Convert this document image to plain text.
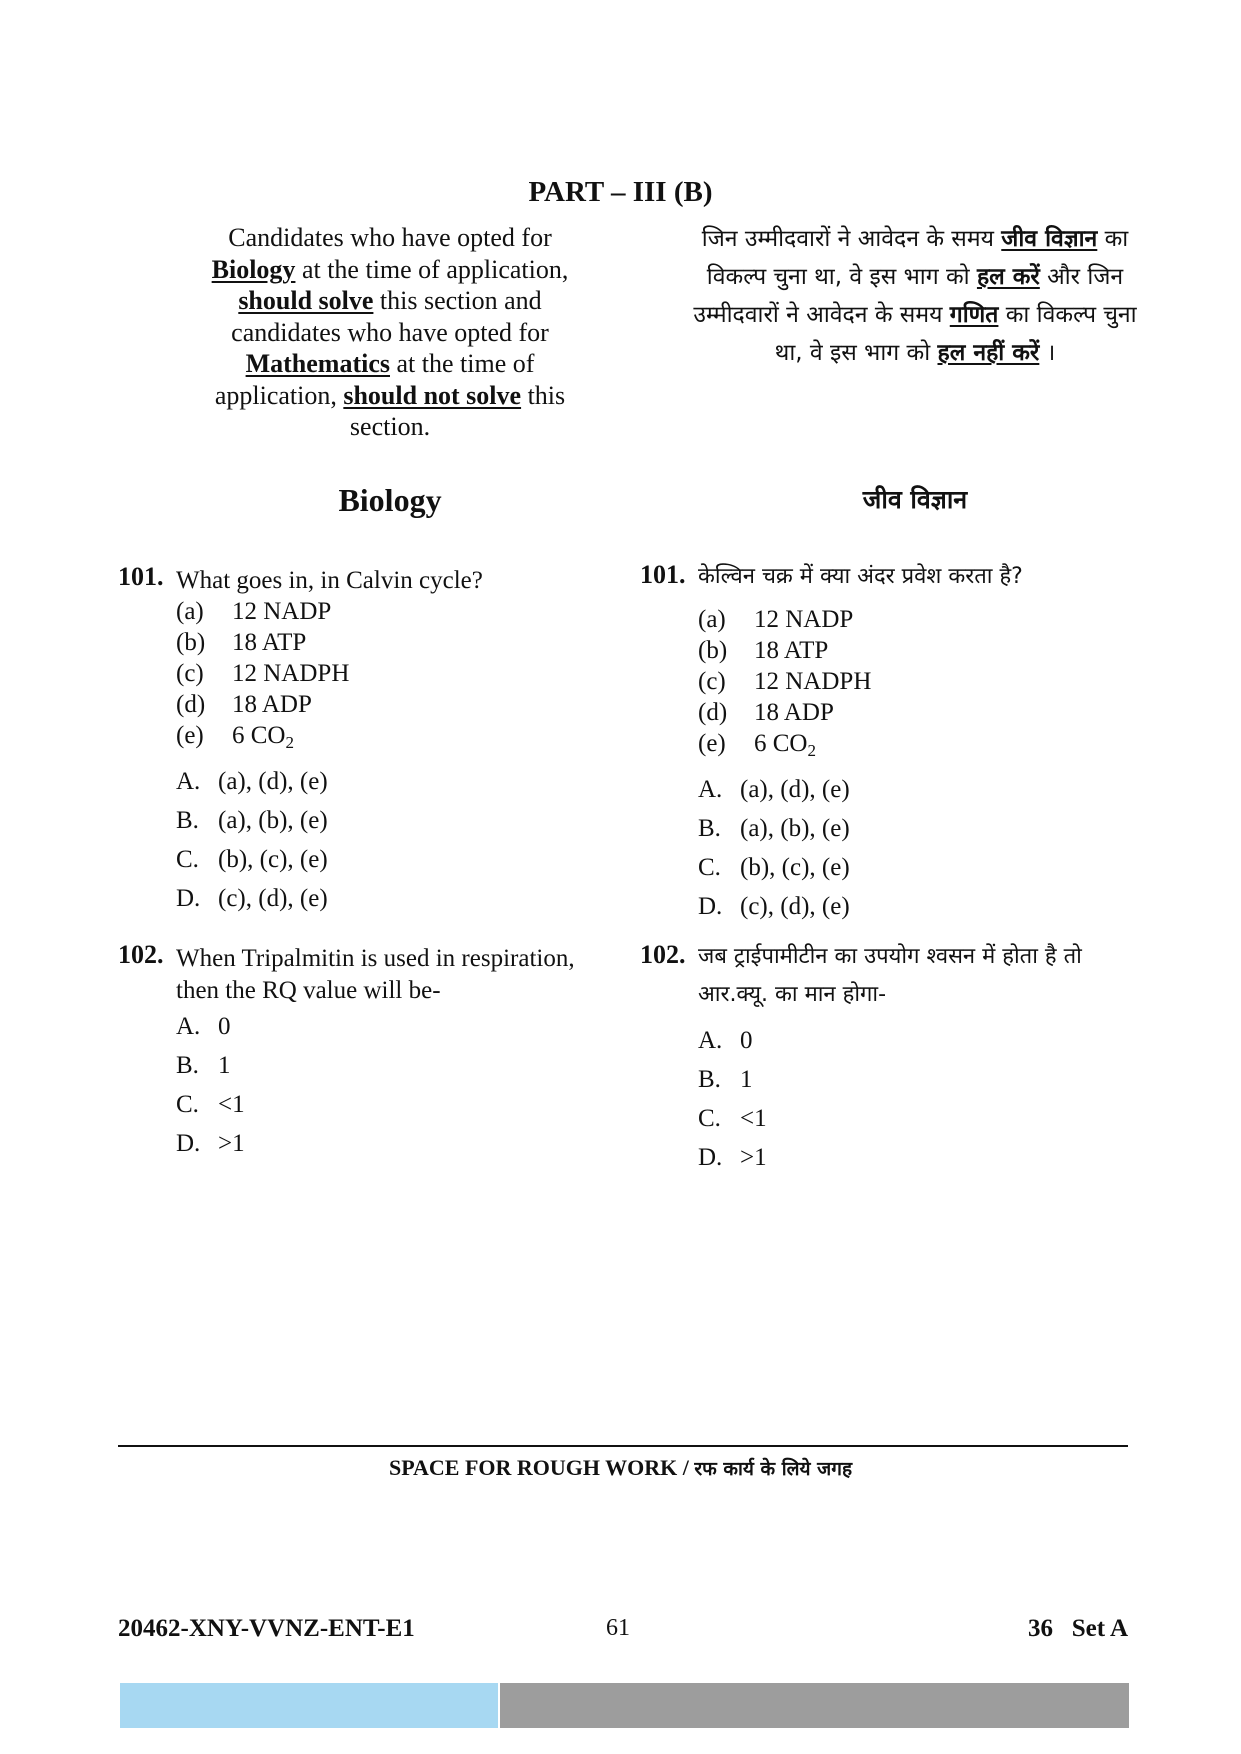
PART – III (B)
Candidates who have opted for Biology at the time of application, should solve this section and candidates who have opted for Mathematics at the time of application, should not solve this section.
जिन उम्मीदवारों ने आवेदन के समय जीव विज्ञान का विकल्प चुना था, वे इस भाग को हल करें और जिन उम्मीदवारों ने आवेदन के समय गणित का विकल्प चुना था, वे इस भाग को हल नहीं करें ।
Biology	जीव विज्ञान
101. What goes in, in Calvin cycle?
(a) 12 NADP
(b) 18 ATP
(c) 12 NADPH
(d) 18 ADP
(e) 6 $CO_2$
A. (a), (d), (e)
B. (a), (b), (e)
C. (b), (c), (e)
D. (c), (d), (e)
101. केल्विन चक्र में क्या अंदर प्रवेश करता है?
(a) 12 NADP
(b) 18 ATP
(c) 12 NADPH
(d) 18 ADP
(e) 6 $CO_2$
A. (a), (d), (e)
B. (a), (b), (e)
C. (b), (c), (e)
D. (c), (d), (e)
102. When Tripalmitin is used in respiration, then the RQ value will be-
A. 0
B. 1
C. <1
D. >1
102. जब ट्राईपामीटीन का उपयोग श्वसन में होता है तो आर.क्यू. का मान होगा-
A. 0
B. 1
C. <1
D. >1
SPACE FOR ROUGH WORK / रफ कार्य के लिये जगह
20462-XNY-VVNZ-ENT-E1	61	36   Set A
